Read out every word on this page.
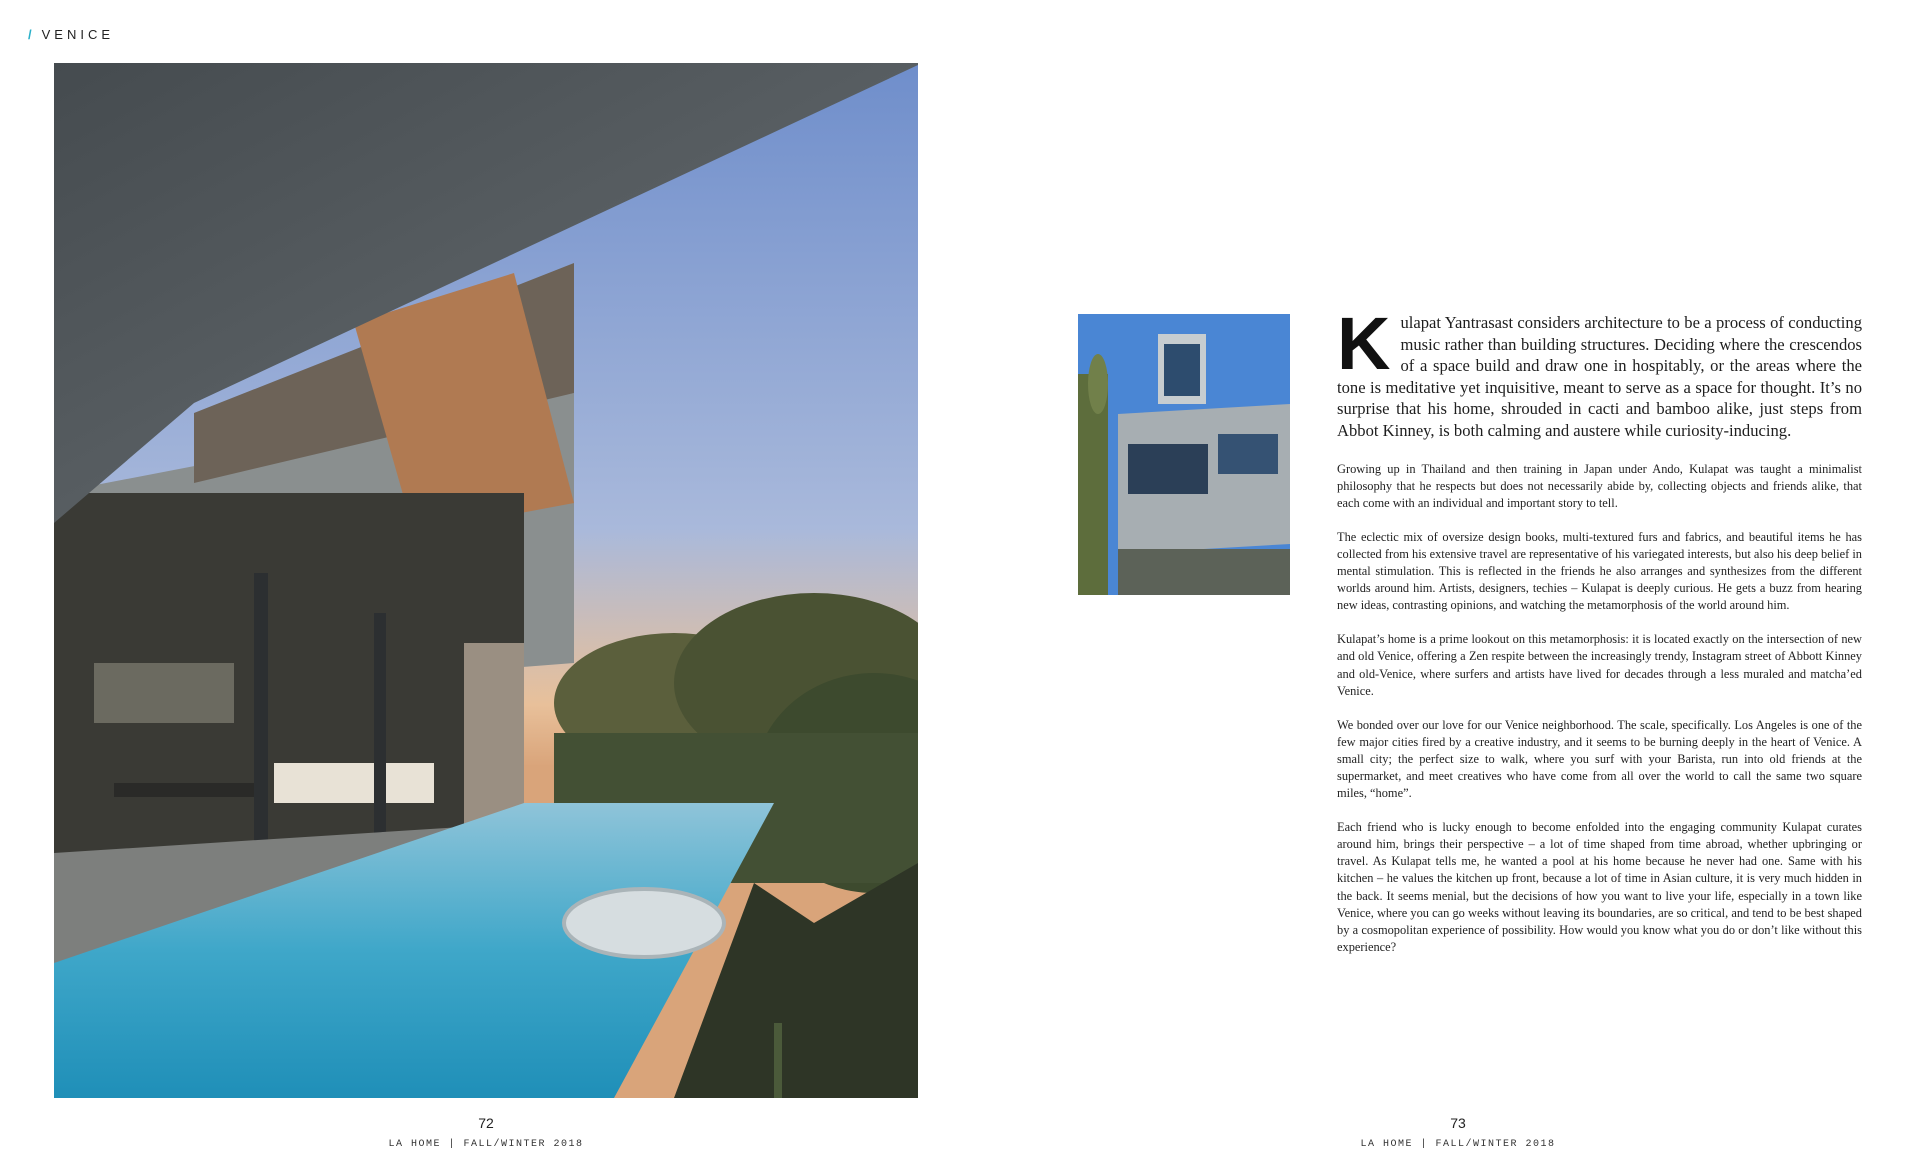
/ VENICE

Kulapat Yantrasast considers architecture to be a process of conducting music rather than building structures. Deciding where the crescendos of a space build and draw one in hospitably, or the areas where the tone is meditative yet inquisitive, meant to serve as a space for thought. It’s no surprise that his home, shrouded in cacti and bamboo alike, just steps from Abbot Kinney, is both calming and austere while curiosity-inducing.

Growing up in Thailand and then training in Japan under Ando, Kulapat was taught a minimalist philosophy that he respects but does not necessarily abide by, collecting objects and friends alike, that each come with an individual and important story to tell.

The eclectic mix of oversize design books, multi-textured furs and fabrics, and beautiful items he has collected from his extensive travel are representative of his variegated interests, but also his deep belief in mental stimulation. This is reflected in the friends he also arranges and synthesizes from the different worlds around him. Artists, designers, techies – Kulapat is deeply curious. He gets a buzz from hearing new ideas, contrasting opinions, and watching the metamorphosis of the world around him.

Kulapat’s home is a prime lookout on this metamorphosis: it is located exactly on the intersection of new and old Venice, offering a Zen respite between the increasingly trendy, Instagram street of Abbott Kinney and old-Venice, where surfers and artists have lived for decades through a less muraled and matcha’ed Venice.

We bonded over our love for our Venice neighborhood. The scale, specifically. Los Angeles is one of the few major cities fired by a creative industry, and it seems to be burning deeply in the heart of Venice. A small city; the perfect size to walk, where you surf with your Barista, run into old friends at the supermarket, and meet creatives who have come from all over the world to call the same two square miles, “home”.

Each friend who is lucky enough to become enfolded into the engaging community Kulapat curates around him, brings their perspective – a lot of time shaped from time abroad, whether upbringing or travel. As Kulapat tells me, he wanted a pool at his home because he never had one. Same with his kitchen – he values the kitchen up front, because a lot of time in Asian culture, it is very much hidden in the back. It seems menial, but the decisions of how you want to live your life, especially in a town like Venice, where you can go weeks without leaving its boundaries, are so critical, and tend to be best shaped by a cosmopolitan experience of possibility. How would you know what you do or don’t like without this experience?

72
LA HOME | FALL/WINTER 2018
73
LA HOME | FALL/WINTER 2018
